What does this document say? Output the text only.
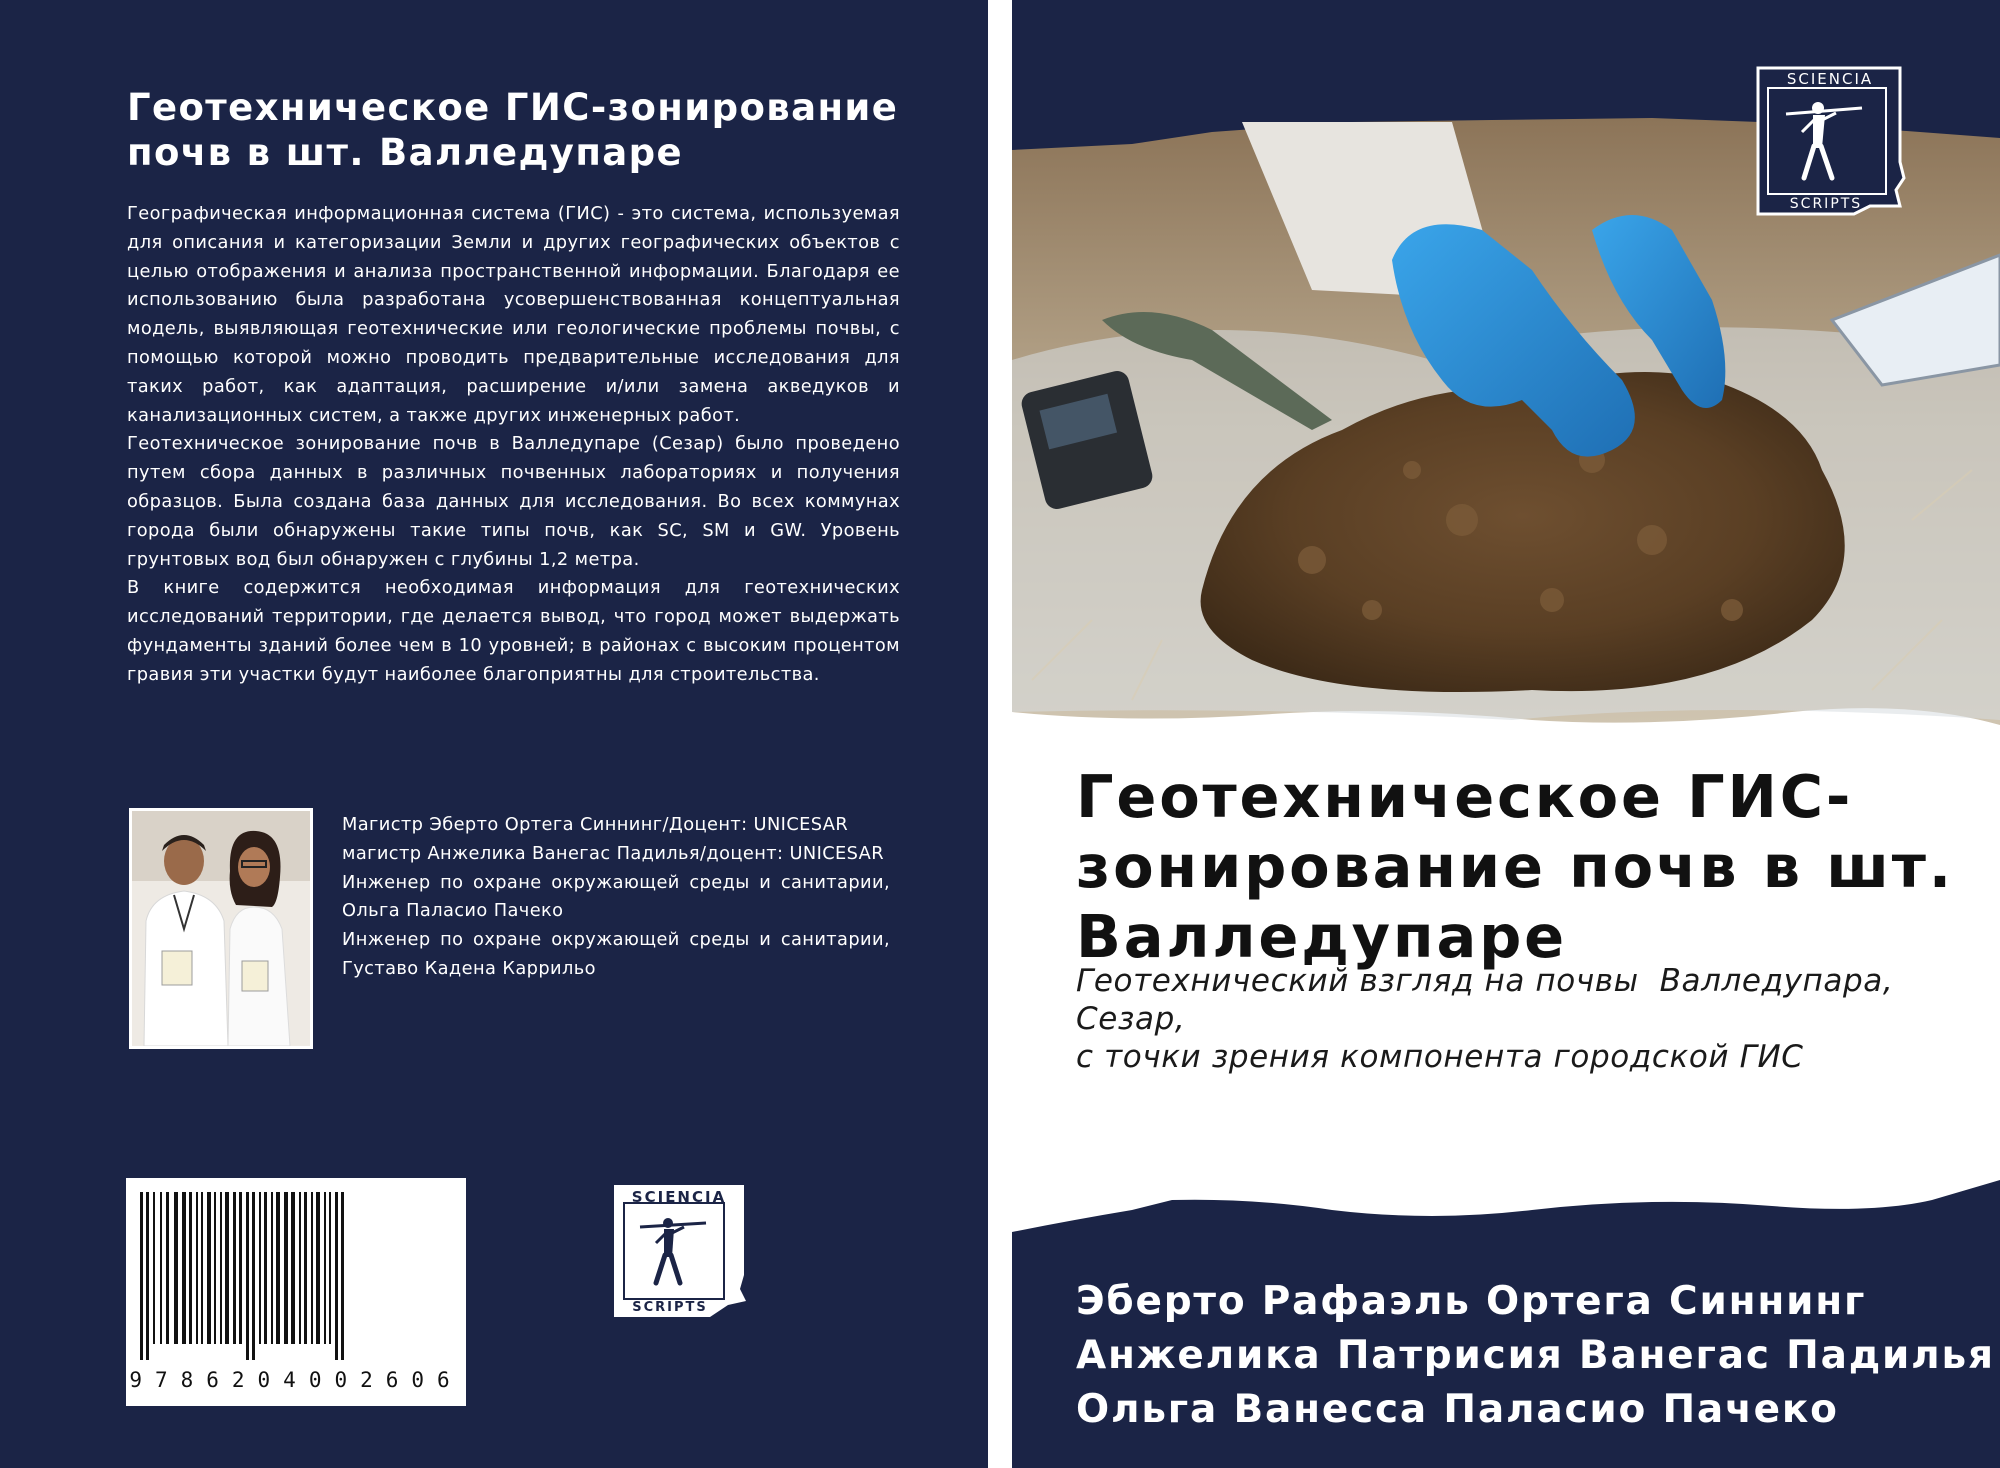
Геотехническое ГИС-зонирование почв в шт. Валледупаре

Географическая информационная система (ГИС) - это система, используемая для описания и категоризации Земли и других географических объектов с целью отображения и анализа пространственной информации. Благодаря ее использованию была разработана усовершенствованная концептуальная модель, выявляющая геотехнические или геологические проблемы почвы, с помощью которой можно проводить предварительные исследования для таких работ, как адаптация, расширение и/или замена акведуков и канализационных систем, а также других инженерных работ.

Геотехническое зонирование почв в Валледупаре (Сезар) было проведено путем сбора данных в различных почвенных лабораториях и получения образцов. Была создана база данных для исследования. Во всех коммунах города были обнаружены такие типы почв, как SC, SM и GW. Уровень грунтовых вод был обнаружен с глубины 1,2 метра.

В книге содержится необходимая информация для геотехнических исследований территории, где делается вывод, что город может выдержать фундаменты зданий более чем в 10 уровней; в районах с высоким процентом гравия эти участки будут наиболее благоприятны для строительства.

Магистр Эберто Ортега Синнинг/Доцент: UNICESAR

магистр Анжелика Ванегас Падилья/доцент: UNICESAR

Инженер по охране окружающей среды и санитарии, Ольга Паласио Пачеко

Инженер по охране окружающей среды и санитарии, Густаво Кадена Каррильо

9786204002606
SCIENCIA
SCRIPTS
SCIENCIA
SCRIPTS
Геотехническое ГИС-зонирование почв в шт. Валледупаре
Геотехнический взгляд на почвы  Валледупара,
Сезар,
с точки зрения компонента городской ГИС
Эберто Рафаэль Ортега Синнинг
Анжелика Патрисия Ванегас Падилья
Ольга Ванесса Паласио Пачеко
